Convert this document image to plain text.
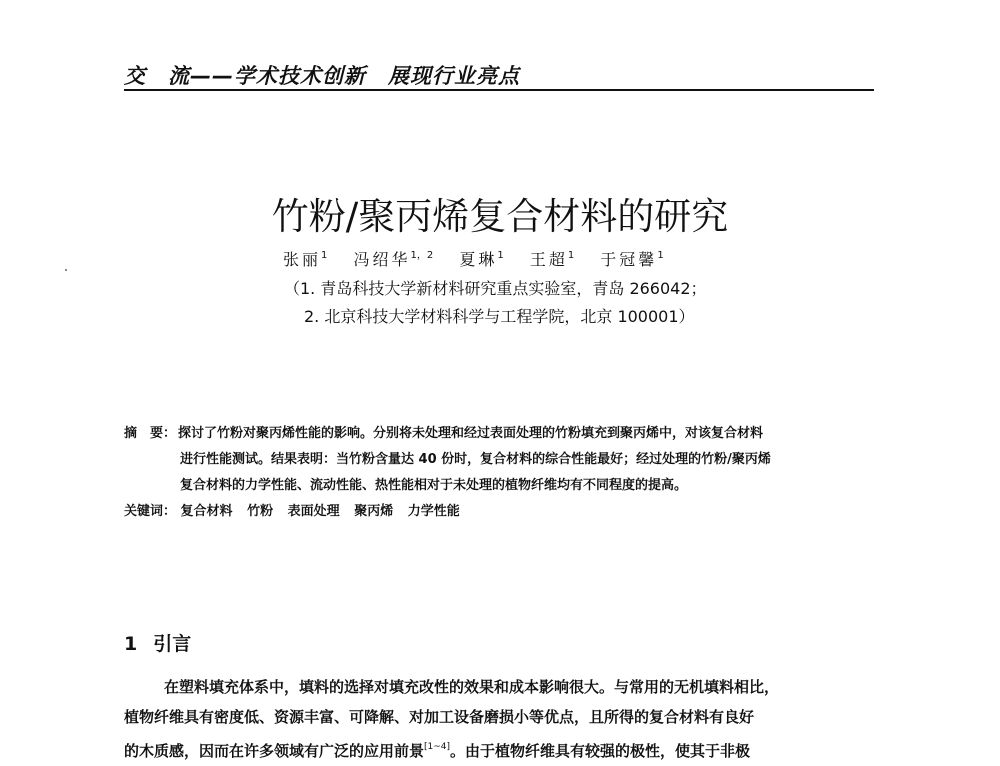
交　流——学术技术创新　展现行业亮点
竹粉/聚丙烯复合材料的研究
张丽$^1$ 冯绍华$^{1,2}$ 夏琳$^1$ 王超$^1$ 于冠馨$^1$
（1. 青岛科技大学新材料研究重点实验室，青岛 266042；
2. 北京科技大学材料科学与工程学院，北京 100001）
摘　要： 探讨了竹粉对聚丙烯性能的影响。分别将未处理和经过表面处理的竹粉填充到聚丙烯中，对该复合材料
进行性能测试。结果表明：当竹粉含量达 40 份时，复合材料的综合性能最好；经过处理的竹粉/聚丙烯
复合材料的力学性能、流动性能、热性能相对于未处理的植物纤维均有不同程度的提高。
关键词： 复合材料 竹粉 表面处理 聚丙烯 力学性能
1 引言
在塑料填充体系中，填料的选择对填充改性的效果和成本影响很大。与常用的无机填料相比，
植物纤维具有密度低、资源丰富、可降解、对加工设备磨损小等优点，且所得的复合材料有良好
的木质感，因而在许多领域有广泛的应用前景[1~4]。由于植物纤维具有较强的极性，使其于非极
